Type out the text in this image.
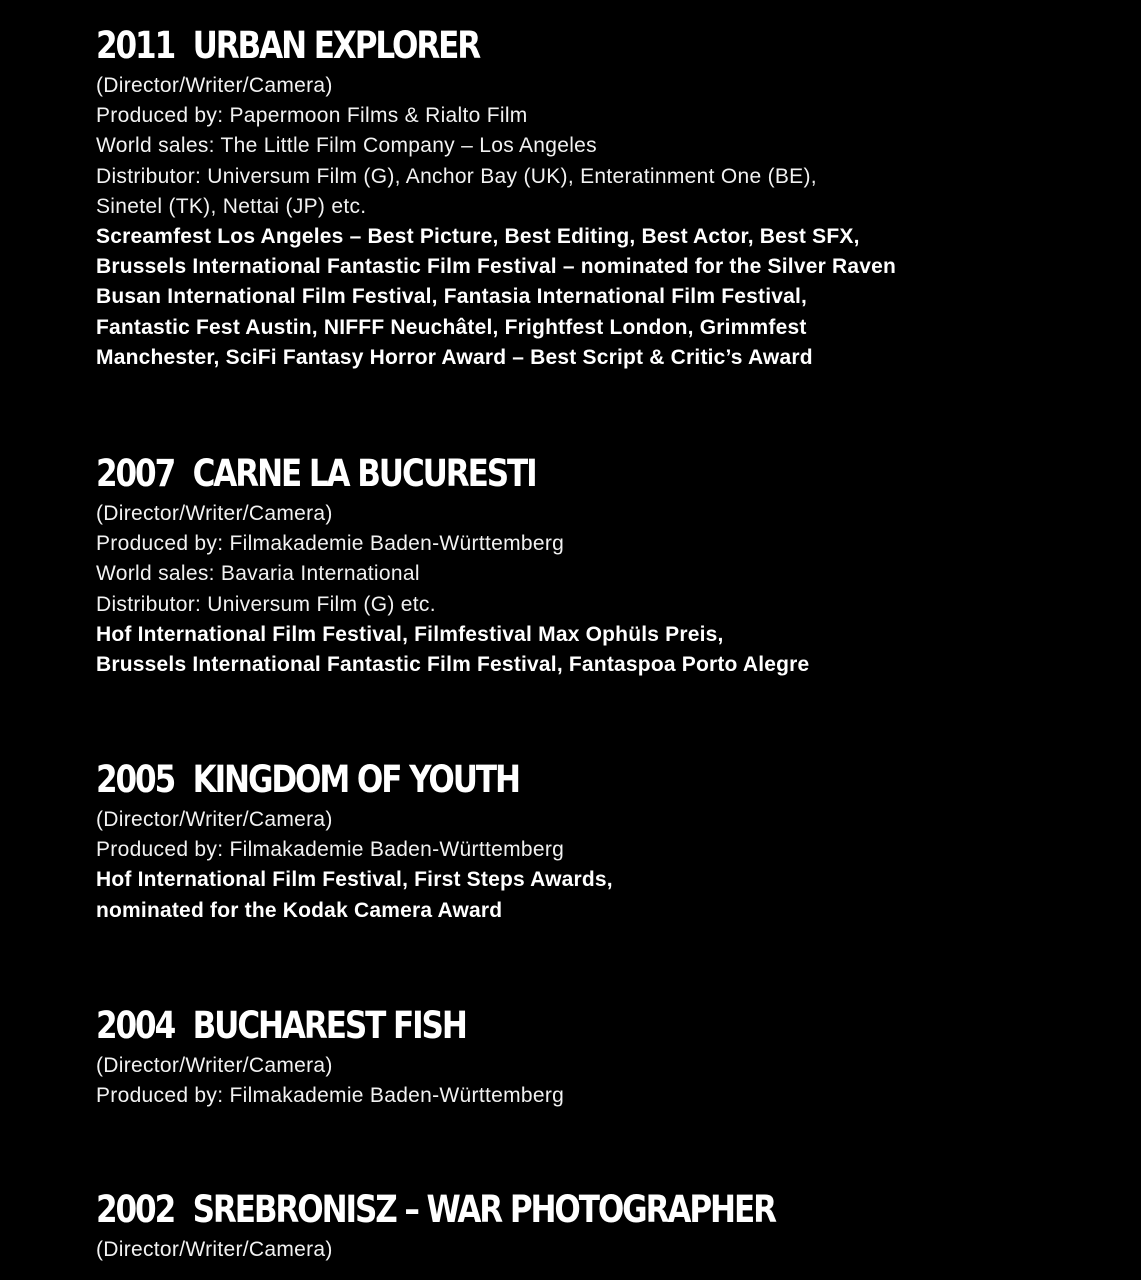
2011 URBAN EXPLORER
(Director/Writer/Camera)
Produced by: Papermoon Films & Rialto Film
World sales: The Little Film Company – Los Angeles
Distributor: Universum Film (G), Anchor Bay (UK), Enteratinment One (BE),
Sinetel (TK), Nettai (JP) etc.
Screamfest Los Angeles – Best Picture, Best Editing, Best Actor, Best SFX,
Brussels International Fantastic Film Festival – nominated for the Silver Raven
Busan International Film Festival, Fantasia International Film Festival,
Fantastic Fest Austin, NIFFF Neuchâtel, Frightfest London, Grimmfest
Manchester, SciFi Fantasy Horror Award – Best Script & Critic’s Award
2007 CARNE LA BUCURESTI
(Director/Writer/Camera)
Produced by: Filmakademie Baden-Württemberg
World sales: Bavaria International
Distributor: Universum Film (G) etc.
Hof International Film Festival, Filmfestival Max Ophüls Preis,
Brussels International Fantastic Film Festival, Fantaspoa Porto Alegre
2005 KINGDOM OF YOUTH
(Director/Writer/Camera)
Produced by: Filmakademie Baden-Württemberg
Hof International Film Festival, First Steps Awards,
nominated for the Kodak Camera Award
2004 BUCHAREST FISH
(Director/Writer/Camera)
Produced by: Filmakademie Baden-Württemberg
2002 SREBRONISZ – WAR PHOTOGRAPHER
(Director/Writer/Camera)
